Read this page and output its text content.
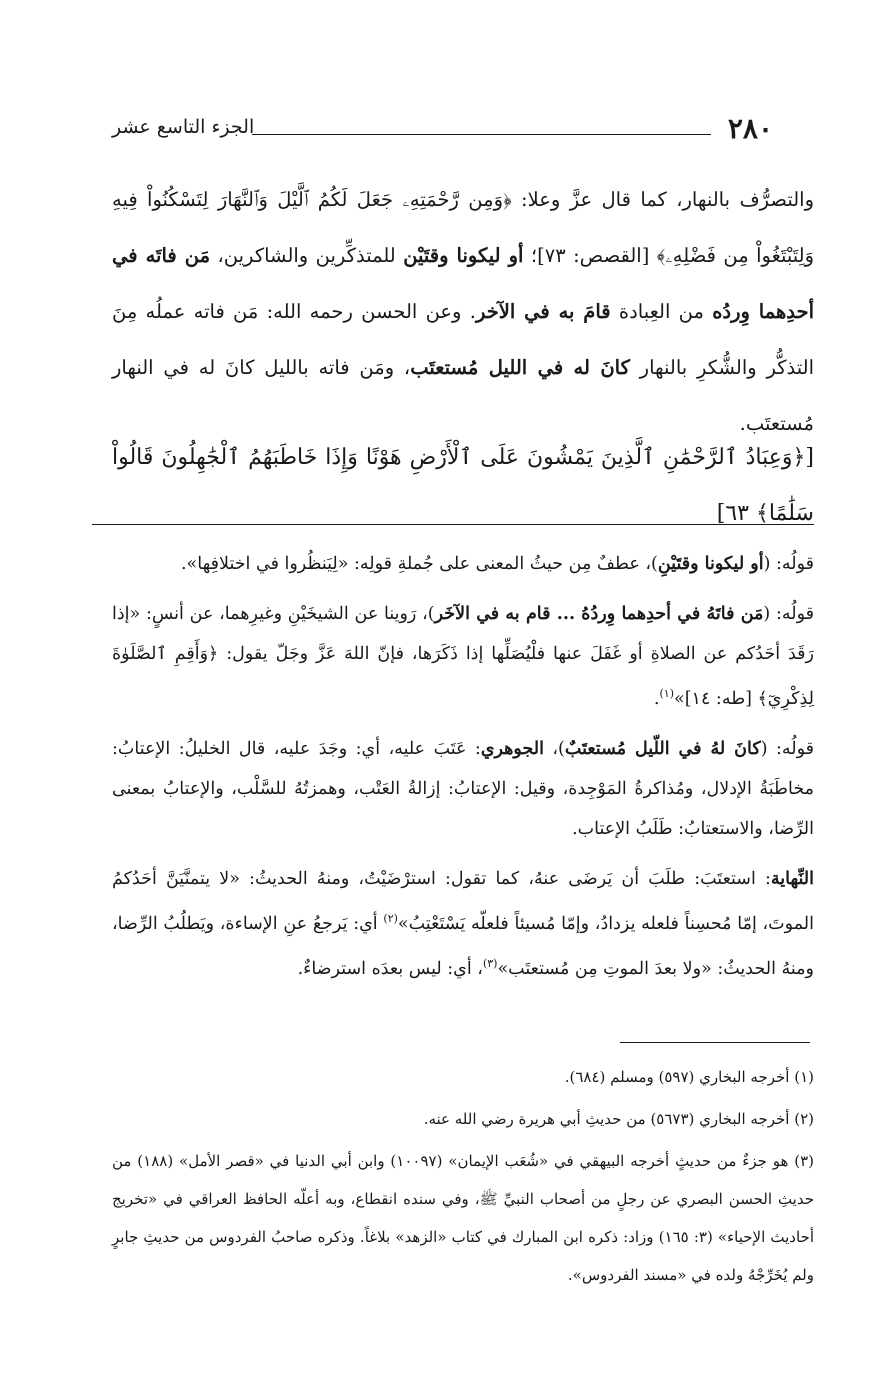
٢٨٠
الجزء التاسع عشر

والتصرُّف بالنهار، كما قال عزَّ وعلا: ﴿وَمِن رَّحْمَتِهِۦ جَعَلَ لَكُمُ ٱلَّيْلَ وَٱلنَّهَارَ لِتَسْكُنُواْ فِيهِ وَلِتَبْتَغُواْ مِن فَضْلِهِۦ﴾ [القصص: ٧٣]؛ أو ليكونا وقتَيْن للمتذكِّرين والشاكرين، مَن فاتَه في أحدِهما وِردُه من العِبادة قامَ به في الآخر. وعن الحسن رحمه الله: مَن فاته عملُه مِنَ التذكُّر والشُّكرِ بالنهار كانَ له في الليل مُستعتَب، ومَن فاته بالليل كانَ له في النهار مُستعتَب.

[﴿وَعِبَادُ ٱلرَّحْمَٰنِ ٱلَّذِينَ يَمْشُونَ عَلَى ٱلْأَرْضِ هَوْنًا وَإِذَا خَاطَبَهُمُ ٱلْجَٰهِلُونَ قَالُواْ سَلَٰمًا﴾ ٦٣]

قولُه: (أو ليكونا وقتَيْنِ)، عطفٌ مِن حيثُ المعنى على جُملةِ قولِه: «لِيَنظُروا في اختلافِها».

قولُه: (مَن فاتَهُ في أحدِهما وِردُهُ ... قام به في الآخَر)، رَوينا عن الشيخَيْنِ وغيرِهما، عن أنسٍ: «إذا رَقَدَ أحَدُكم عن الصلاةِ أو غَفَلَ عنها فلْيُصَلِّها إذا ذَكَرَها، فإنّ اللهَ عَزَّ وجَلّ يقول: ﴿وَأَقِمِ ٱلصَّلَوٰةَ لِذِكْرِيٓ﴾ [طه: ١٤]»$^{(١)}$.

قولُه: (كانَ لهُ في اللّيل مُستعتَبٌ)، الجوهري: عَتَبَ عليه، أي: وجَدَ عليه، قال الخليلُ: الإعتابُ: مخاطَبَةُ الإدلال، ومُذاكرةُ المَوْجِدة، وقيل: الإعتابُ: إزالةُ العَتْب، وهمزتُهُ للسَّلْب، والإعتابُ بمعنى الرِّضا، والاستعتابُ: طَلَبُ الإعتاب.

النِّهاية: استعتَبَ: طلَبَ أن يَرضَى عنهُ، كما تقول: استرْضَيْتُ، ومنهُ الحديثُ: «لا يتمنَّيَنَّ أحَدُكمُ الموتَ، إمّا مُحسِناً فلعله يزدادُ، وإمّا مُسيئاً فلعلّه يَسْتَعْتِبُ»$^{(٢)}$ أي: يَرجعُ عنِ الإساءة، ويَطلُبُ الرِّضا، ومنهُ الحديثُ: «ولا بعدَ الموتِ مِن مُستعتَب»$^{(٣)}$، أي: ليس بعدَه استرضاءٌ.

(١) أخرجه البخاري (٥٩٧) ومسلم (٦٨٤).

(٢) أخرجه البخاري (٥٦٧٣) من حديثِ أبي هريرة رضي الله عنه.

(٣) هو جزءٌ من حديثٍ أخرجه البيهقي في «شُعَب الإيمان» (١٠٠٩٧) وابن أبي الدنيا في «قصر الأمل» (١٨٨) من حديثِ الحسن البصري عن رجلٍ من أصحاب النبيِّ ﷺ، وفي سنده انقطاع، وبه أعلّه الحافظ العراقي في «تخريج أحاديث الإحياء» (٣: ١٦٥) وزاد: ذكره ابن المبارك في كتاب «الزهد» بلاغاً. وذكره صاحبُ الفردوس من حديثِ جابرٍ ولم يُخَرِّجْهُ ولده في «مسند الفردوس».
